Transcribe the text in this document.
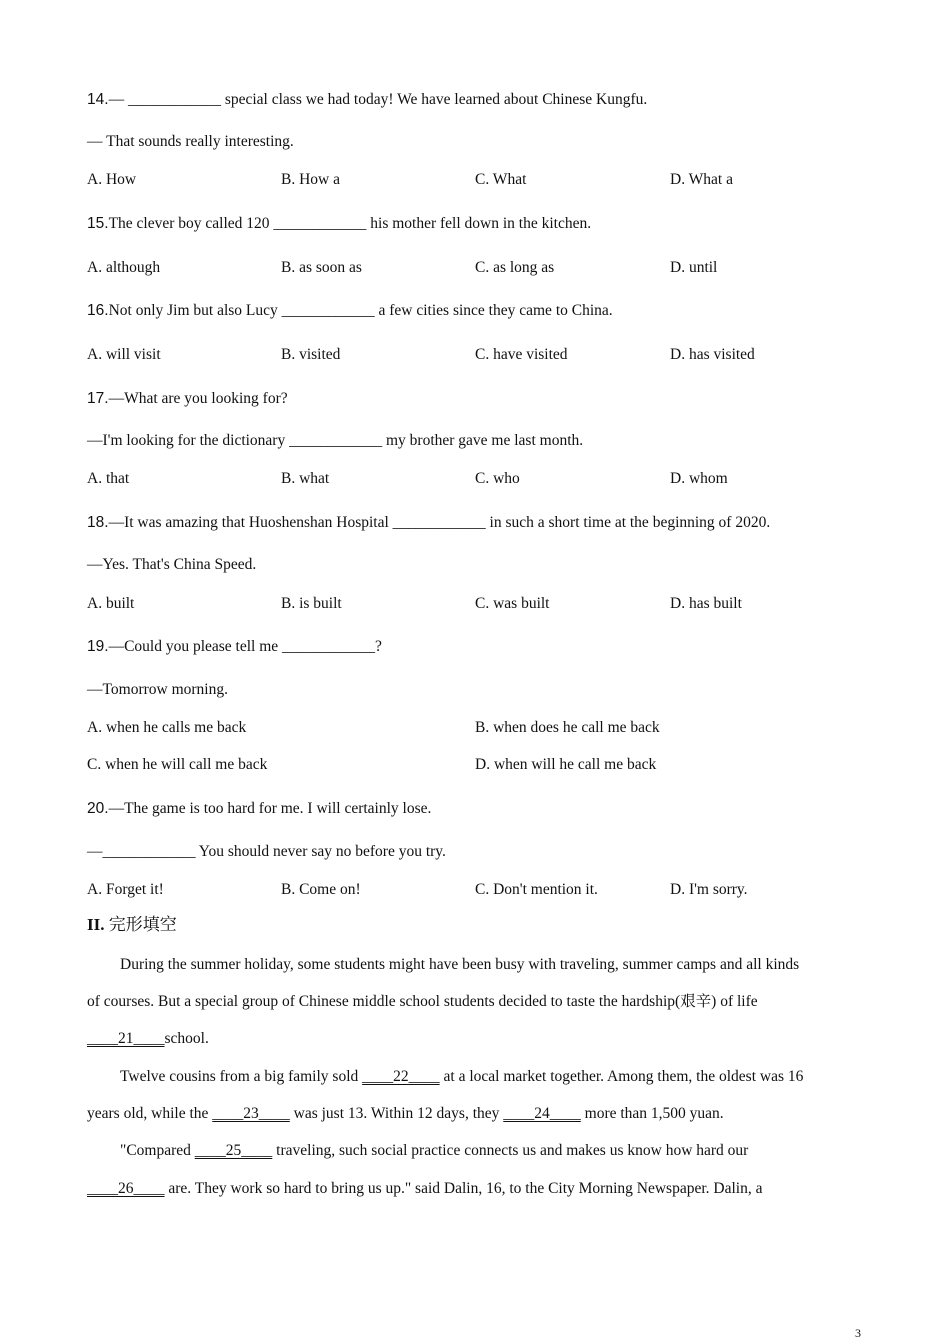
14.— ____________ special class we had today! We have learned about Chinese Kungfu.
— That sounds really interesting.
A. How	B. How a	C. What	D. What a
15.The clever boy called 120 ____________ his mother fell down in the kitchen.
A. although	B. as soon as	C. as long as	D. until
16.Not only Jim but also Lucy ____________ a few cities since they came to China.
A. will visit	B. visited	C. have visited	D. has visited
17.—What are you looking for?
—I'm looking for the dictionary ____________ my brother gave me last month.
A. that	B. what	C. who	D. whom
18.—It was amazing that Huoshenshan Hospital ____________ in such a short time at the beginning of 2020.
—Yes. That's China Speed.
A. built	B. is built	C. was built	D. has built
19.—Could you please tell me ____________?
—Tomorrow morning.
A. when he calls me back	B. when does he call me back
C. when he will call me back	D. when will he call me back
20.—The game is too hard for me. I will certainly lose.
—____________ You should never say no before you try.
A. Forget it!	B. Come on!	C. Don't mention it.	D. I'm sorry.
II. 完形填空
During the summer holiday, some students might have been busy with traveling, summer camps and all kinds
of courses. But a special group of Chinese middle school students decided to taste the hardship(艰辛) of life
____21____school.
Twelve cousins from a big family sold ____22____ at a local market together. Among them, the oldest was 16
years old, while the ____23____ was just 13. Within 12 days, they ____24____ more than 1,500 yuan.
"Compared ____25____ traveling, such social practice connects us and makes us know how hard our
____26____ are. They work so hard to bring us up." said Dalin, 16, to the City Morning Newspaper. Dalin, a
3
